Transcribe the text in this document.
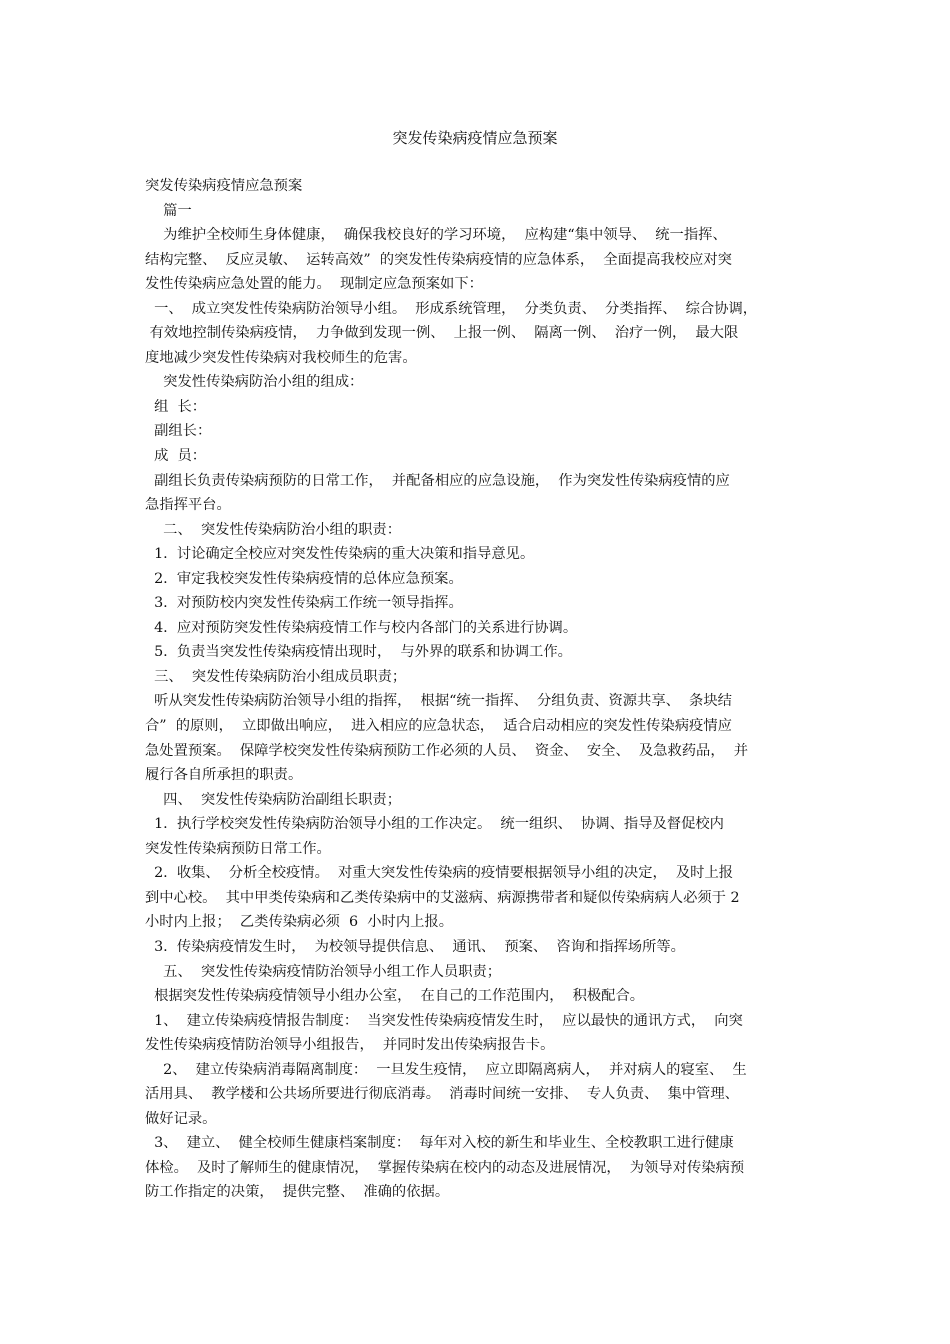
突发传染病疫情应急预案

突发传染病疫情应急预案

篇一

为维护全校师生身体健康，  确保我校良好的学习环境，  应构建“集中领导、  统一指挥、

结构完整、  反应灵敏、  运转高效”  的突发性传染病疫情的应急体系，  全面提高我校应对突

发性传染病应急处置的能力。  现制定应急预案如下：

一、  成立突发性传染病防治领导小组。  形成系统管理，  分类负责、  分类指挥、  综合协调，

有效地控制传染病疫情，  力争做到发现一例、  上报一例、  隔离一例、  治疗一例，  最大限

度地减少突发性传染病对我校师生的危害。

突发性传染病防治小组的组成：

组  长：

副组长：

成  员：

副组长负责传染病预防的日常工作，  并配备相应的应急设施，  作为突发性传染病疫情的应

急指挥平台。

二、  突发性传染病防治小组的职责：

1.  讨论确定全校应对突发性传染病的重大决策和指导意见。

2.  审定我校突发性传染病疫情的总体应急预案。

3.  对预防校内突发性传染病工作统一领导指挥。

4.  应对预防突发性传染病疫情工作与校内各部门的关系进行协调。

5.  负责当突发性传染病疫情出现时，  与外界的联系和协调工作。

三、  突发性传染病防治小组成员职责；

听从突发性传染病防治领导小组的指挥，  根据“统一指挥、  分组负责、资源共享、  条块结

合”  的原则，  立即做出响应，  进入相应的应急状态，  适合启动相应的突发性传染病疫情应

急处置预案。  保障学校突发性传染病预防工作必须的人员、  资金、  安全、  及急救药品，  并

履行各自所承担的职责。

四、  突发性传染病防治副组长职责；

1.  执行学校突发性传染病防治领导小组的工作决定。  统一组织、  协调、指导及督促校内

突发性传染病预防日常工作。

2.  收集、  分析全校疫情。  对重大突发性传染病的疫情要根据领导小组的决定，  及时上报

到中心校。  其中甲类传染病和乙类传染病中的艾滋病、病源携带者和疑似传染病病人必须于 2

小时内上报；  乙类传染病必须  6  小时内上报。

3.  传染病疫情发生时，  为校领导提供信息、  通讯、  预案、  咨询和指挥场所等。

五、  突发性传染病疫情防治领导小组工作人员职责；

根据突发性传染病疫情领导小组办公室，  在自己的工作范围内，  积极配合。

1、  建立传染病疫情报告制度：  当突发性传染病疫情发生时，  应以最快的通讯方式，  向突

发性传染病疫情防治领导小组报告，  并同时发出传染病报告卡。

2、  建立传染病消毒隔离制度：  一旦发生疫情，  应立即隔离病人，  并对病人的寝室、  生

活用具、  教学楼和公共场所要进行彻底消毒。  消毒时间统一安排、  专人负责、  集中管理、

做好记录。

3、  建立、  健全校师生健康档案制度：  每年对入校的新生和毕业生、全校教职工进行健康

体检。  及时了解师生的健康情况，  掌握传染病在校内的动态及进展情况，  为领导对传染病预

防工作指定的决策，  提供完整、  准确的依据。
